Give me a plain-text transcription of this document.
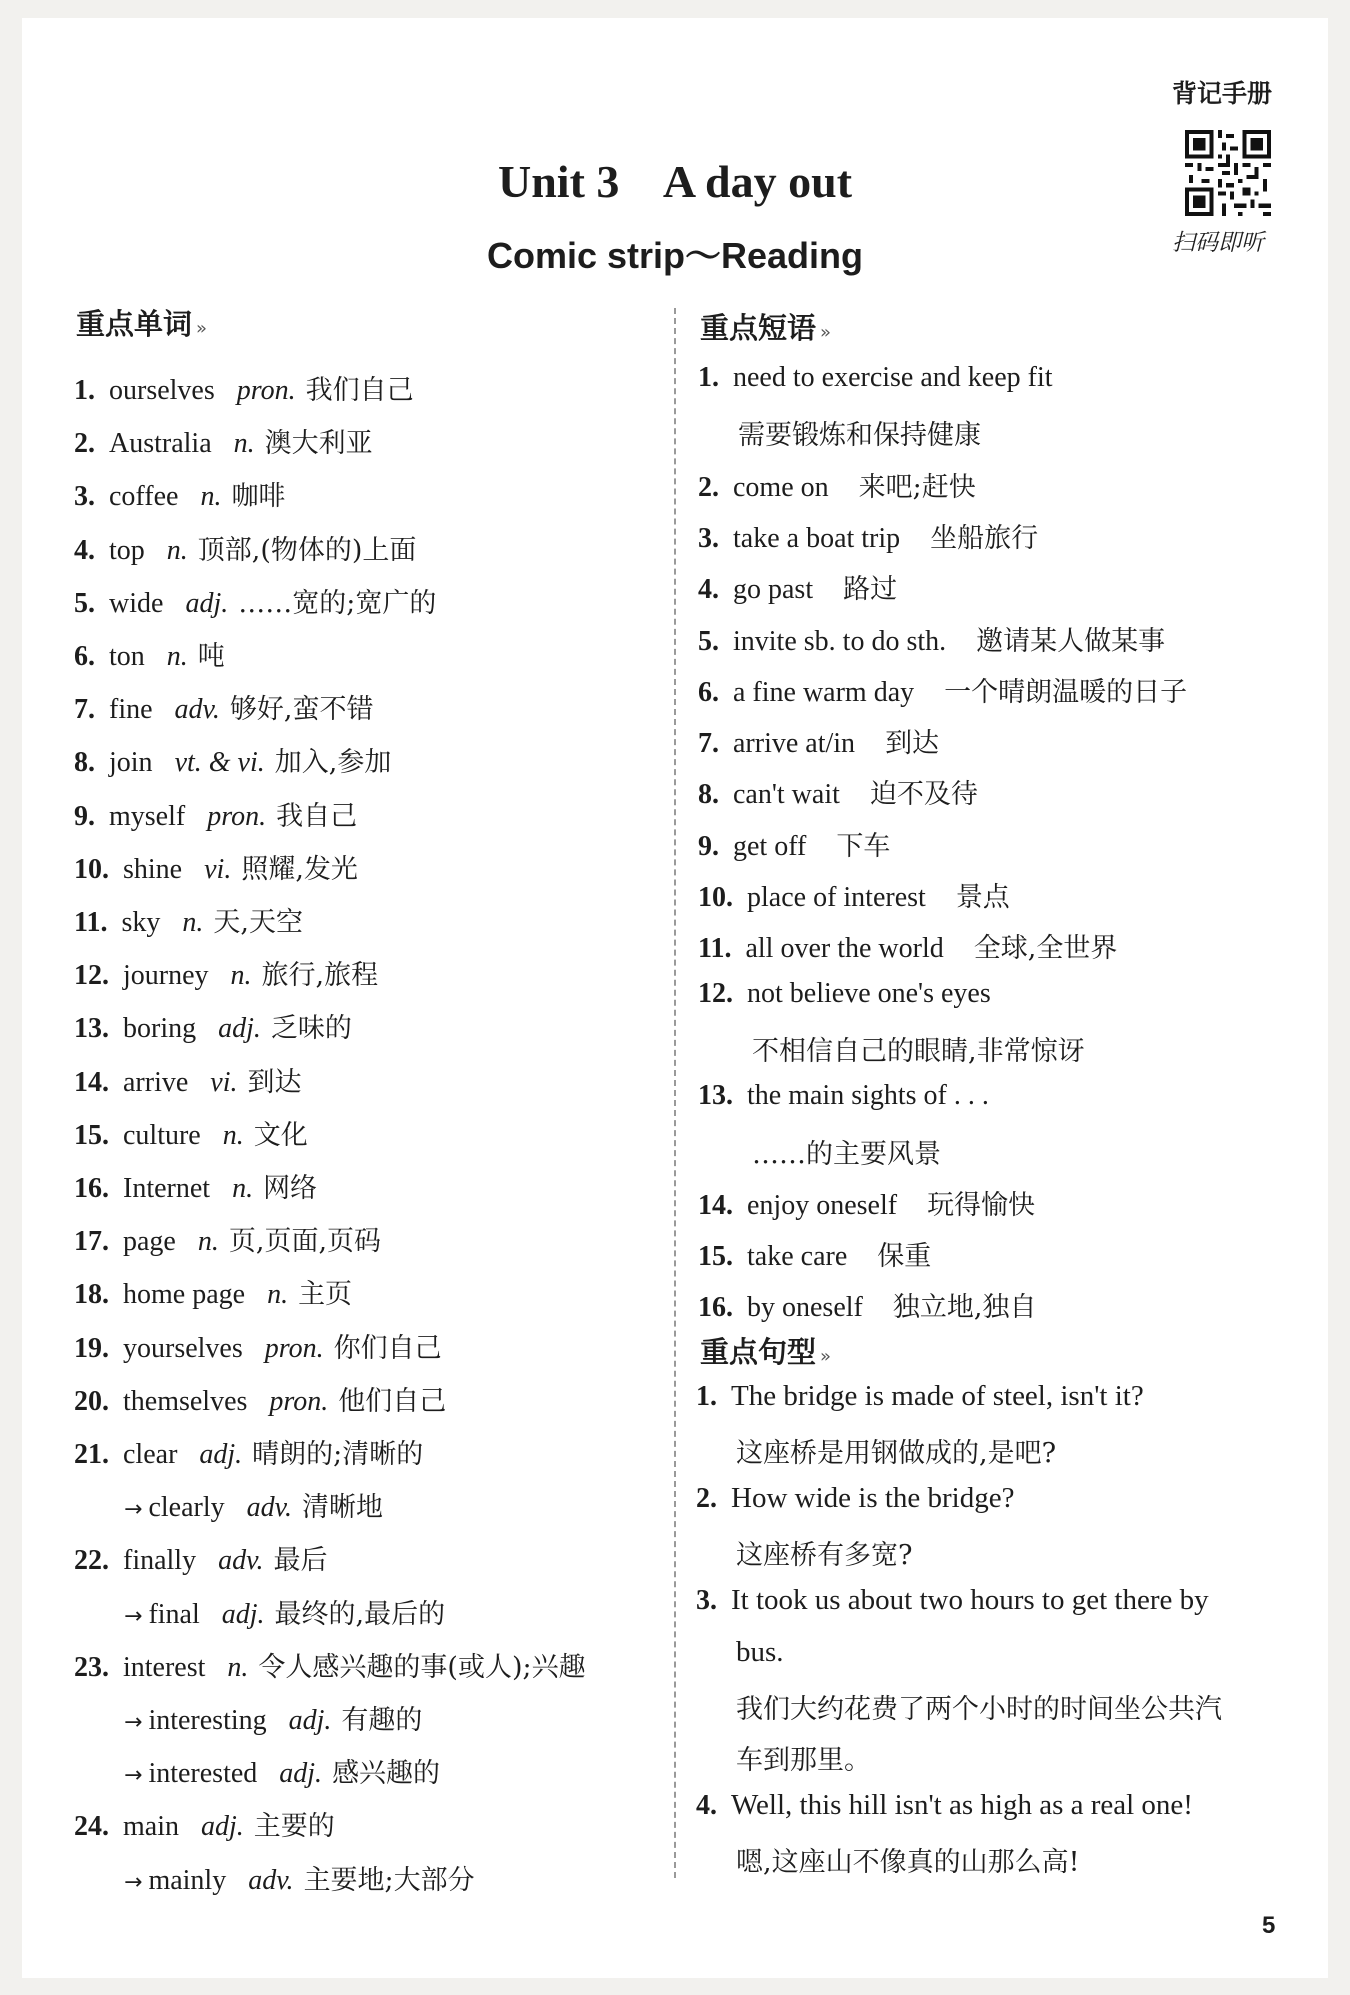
背记手册
扫码即听
Unit 3    A day out
Comic strip～Reading
重点单词 »
1. ourselves pron. 我们自己
2. Australia n. 澳大利亚
3. coffee n. 咖啡
4. top n. 顶部,(物体的)上面
5. wide adj. ……宽的;宽广的
6. ton n. 吨
7. fine adv. 够好,蛮不错
8. join vt. & vi. 加入,参加
9. myself pron. 我自己
10. shine vi. 照耀,发光
11. sky n. 天,天空
12. journey n. 旅行,旅程
13. boring adj. 乏味的
14. arrive vi. 到达
15. culture n. 文化
16. Internet n. 网络
17. page n. 页,页面,页码
18. home page n. 主页
19. yourselves pron. 你们自己
20. themselves pron. 他们自己
21. clear adj. 晴朗的;清晰的
→ clearly adv. 清晰地
22. finally adv. 最后
→ final adj. 最终的,最后的
23. interest n. 令人感兴趣的事(或人);兴趣
→ interesting adj. 有趣的
→ interested adj. 感兴趣的
24. main adj. 主要的
→ mainly adv. 主要地;大部分
重点短语 »
1. need to exercise and keep fit
需要锻炼和保持健康
2. come on 来吧;赶快
3. take a boat trip 坐船旅行
4. go past 路过
5. invite sb. to do sth. 邀请某人做某事
6. a fine warm day 一个晴朗温暖的日子
7. arrive at/in 到达
8. can't wait 迫不及待
9. get off 下车
10. place of interest 景点
11. all over the world 全球,全世界
12. not believe one's eyes
不相信自己的眼睛,非常惊讶
13. the main sights of . . .
……的主要风景
14. enjoy oneself 玩得愉快
15. take care 保重
16. by oneself 独立地,独自
重点句型 »
1. The bridge is made of steel, isn't it?
这座桥是用钢做成的,是吧?
2. How wide is the bridge?
这座桥有多宽?
3. It took us about two hours to get there by
bus.
我们大约花费了两个小时的时间坐公共汽
车到那里。
4. Well, this hill isn't as high as a real one!
嗯,这座山不像真的山那么高!
5
